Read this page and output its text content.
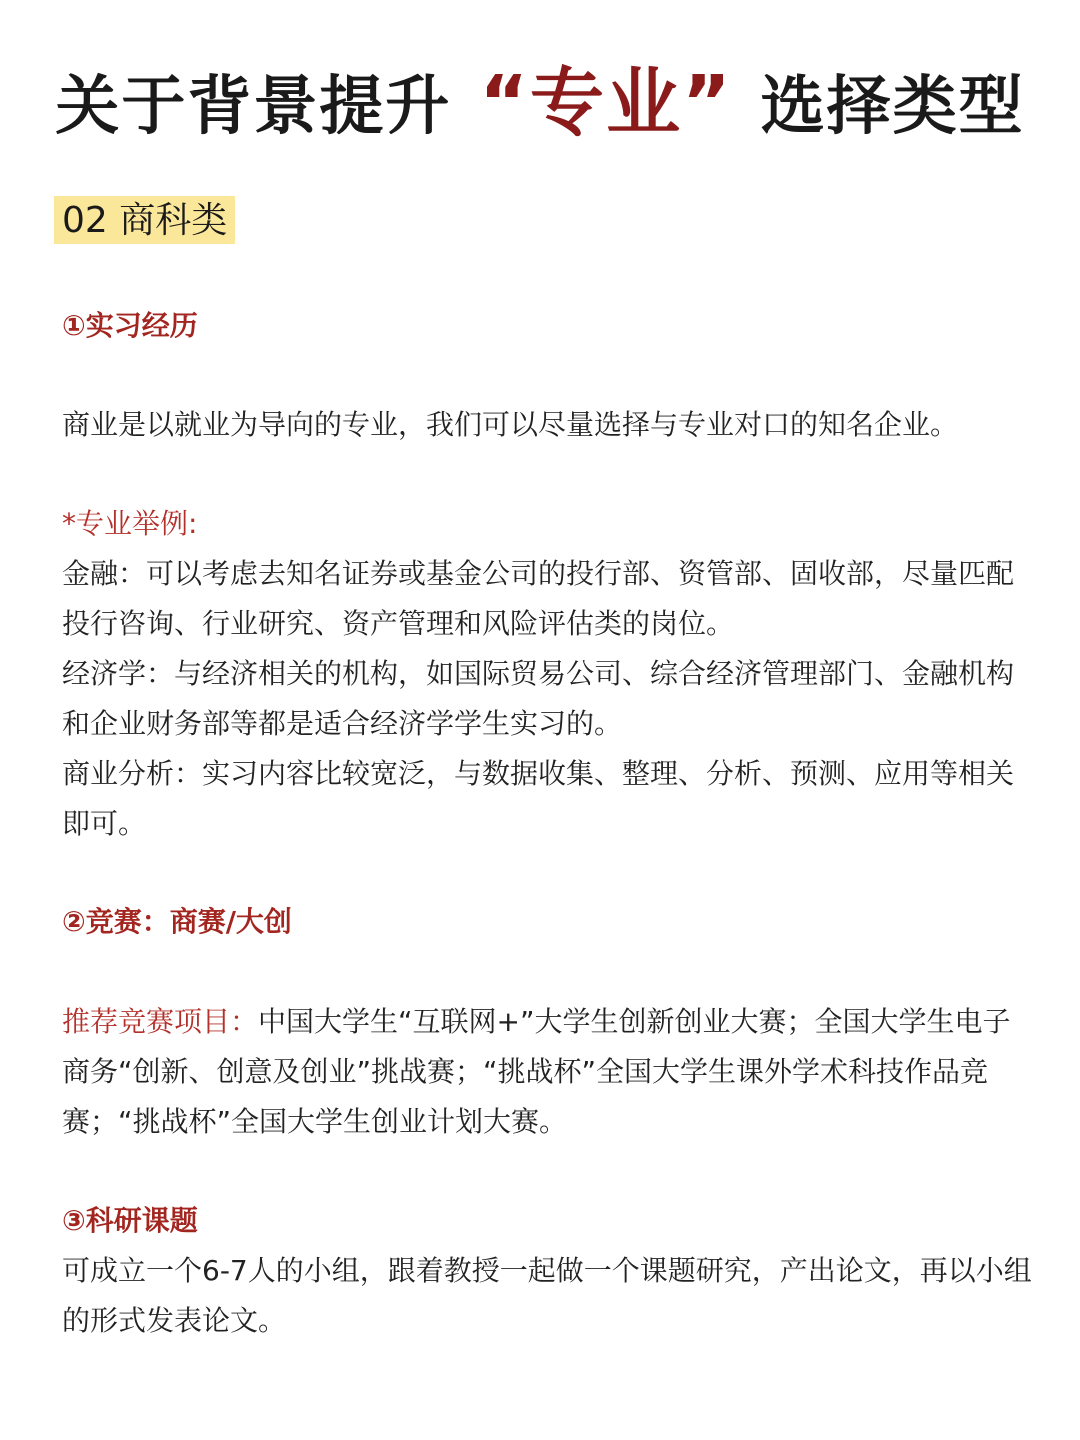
关于背景提升 “专业” 选择类型
02 商科类
①实习经历

商业是以就业为导向的专业，我们可以尽量选择与专业对口的知名企业。

*专业举例:

金融：可以考虑去知名证券或基金公司的投行部、资管部、固收部，尽量匹配投行咨询、行业研究、资产管理和风险评估类的岗位。

经济学：与经济相关的机构，如国际贸易公司、综合经济管理部门、金融机构和企业财务部等都是适合经济学学生实习的。

商业分析：实习内容比较宽泛，与数据收集、整理、分析、预测、应用等相关即可。

②竞赛：商赛/大创

推荐竞赛项目：中国大学生“互联网+”大学生创新创业大赛；全国大学生电子商务“创新、创意及创业”挑战赛；“挑战杯”全国大学生课外学术科技作品竞赛；“挑战杯”全国大学生创业计划大赛。

③科研课题

可成立一个6-7人的小组，跟着教授一起做一个课题研究，产出论文，再以小组的形式发表论文。
